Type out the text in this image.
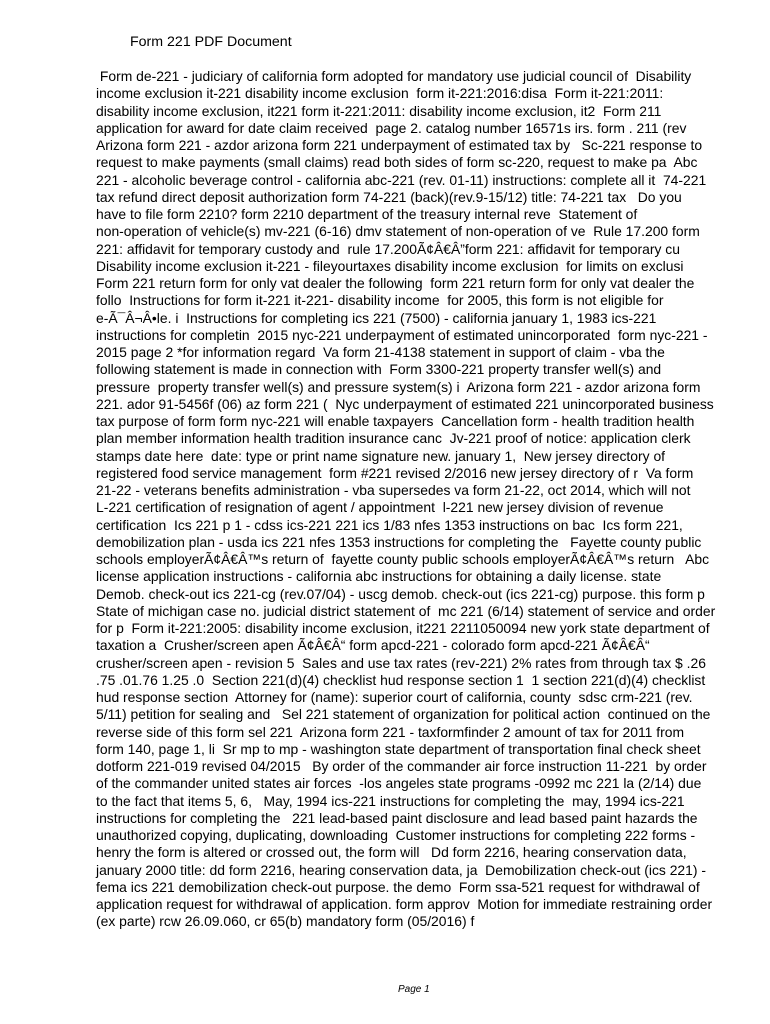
Form 221 PDF Document
Form de-221 - judiciary of california form adopted for mandatory use judicial council of  Disability
income exclusion it-221 disability income exclusion  form it-221:2016:disa  Form it-221:2011:
disability income exclusion, it221 form it-221:2011: disability income exclusion, it2  Form 211
application for award for date claim received  page 2. catalog number 16571s irs. form . 211 (rev
Arizona form 221 - azdor arizona form 221 underpayment of estimated tax by   Sc-221 response to
request to make payments (small claims) read both sides of form sc-220, request to make pa  Abc
221 - alcoholic beverage control - california abc-221 (rev. 01-11) instructions: complete all it  74-221
tax refund direct deposit authorization form 74-221 (back)(rev.9-15/12) title: 74-221 tax   Do you
have to file form 2210? form 2210 department of the treasury internal reve  Statement of
non-operation of vehicle(s) mv-221 (6-16) dmv statement of non-operation of ve  Rule 17.200 form
221: affidavit for temporary custody and  rule 17.200Ã¢Â€Â”form 221: affidavit for temporary cu
Disability income exclusion it-221 - fileyourtaxes disability income exclusion  for limits on exclusi
Form 221 return form for only vat dealer the following  form 221 return form for only vat dealer the
follo  Instructions for form it-221 it-221- disability income  for 2005, this form is not eligible for
e-Ã¯Â¬Â•le. i  Instructions for completing ics 221 (7500) - california january 1, 1983 ics-221
instructions for completin  2015 nyc-221 underpayment of estimated unincorporated  form nyc-221 -
2015 page 2 *for information regard  Va form 21-4138 statement in support of claim - vba the
following statement is made in connection with  Form 3300-221 property transfer well(s) and
pressure  property transfer well(s) and pressure system(s) i  Arizona form 221 - azdor arizona form
221. ador 91-5456f (06) az form 221 (  Nyc underpayment of estimated 221 unincorporated business
tax purpose of form form nyc-221 will enable taxpayers  Cancellation form - health tradition health
plan member information health tradition insurance canc  Jv-221 proof of notice: application clerk
stamps date here  date: type or print name signature new. january 1,  New jersey directory of
registered food service management  form #221 revised 2/2016 new jersey directory of r  Va form
21-22 - veterans benefits administration - vba supersedes va form 21-22, oct 2014, which will not
L-221 certification of resignation of agent / appointment  l-221 new jersey division of revenue
certification  Ics 221 p 1 - cdss ics-221 221 ics 1/83 nfes 1353 instructions on bac  Ics form 221,
demobilization plan - usda ics 221 nfes 1353 instructions for completing the   Fayette county public
schools employerÃ¢Â€Â™s return of  fayette county public schools employerÃ¢Â€Â™s return   Abc
license application instructions - california abc instructions for obtaining a daily license. state
Demob. check-out ics 221-cg (rev.07/04) - uscg demob. check-out (ics 221-cg) purpose. this form p
State of michigan case no. judicial district statement of  mc 221 (6/14) statement of service and order
for p  Form it-221:2005: disability income exclusion, it221 2211050094 new york state department of
taxation a  Crusher/screen apen Ã¢Â€Â“ form apcd-221 - colorado form apcd-221 Ã¢Â€Â“
crusher/screen apen - revision 5  Sales and use tax rates (rev-221) 2% rates from through tax $ .26
.75 .01.76 1.25 .0  Section 221(d)(4) checklist hud response section 1  1 section 221(d)(4) checklist
hud response section  Attorney for (name): superior court of california, county  sdsc crm-221 (rev.
5/11) petition for sealing and   Sel 221 statement of organization for political action  continued on the
reverse side of this form sel 221  Arizona form 221 - taxformfinder 2 amount of tax for 2011 from
form 140, page 1, li  Sr mp to mp - washington state department of transportation final check sheet
dotform 221-019 revised 04/2015   By order of the commander air force instruction 11-221  by order
of the commander united states air forces  -los angeles state programs -0992 mc 221 la (2/14) due
to the fact that items 5, 6,   May, 1994 ics-221 instructions for completing the  may, 1994 ics-221
instructions for completing the   221 lead-based paint disclosure and lead based paint hazards the
unauthorized copying, duplicating, downloading  Customer instructions for completing 222 forms -
henry the form is altered or crossed out, the form will   Dd form 2216, hearing conservation data,
january 2000 title: dd form 2216, hearing conservation data, ja  Demobilization check-out (ics 221) -
fema ics 221 demobilization check-out purpose. the demo  Form ssa-521 request for withdrawal of
application request for withdrawal of application. form approv  Motion for immediate restraining order
(ex parte) rcw 26.09.060, cr 65(b) mandatory form (05/2016) f
Page 1
